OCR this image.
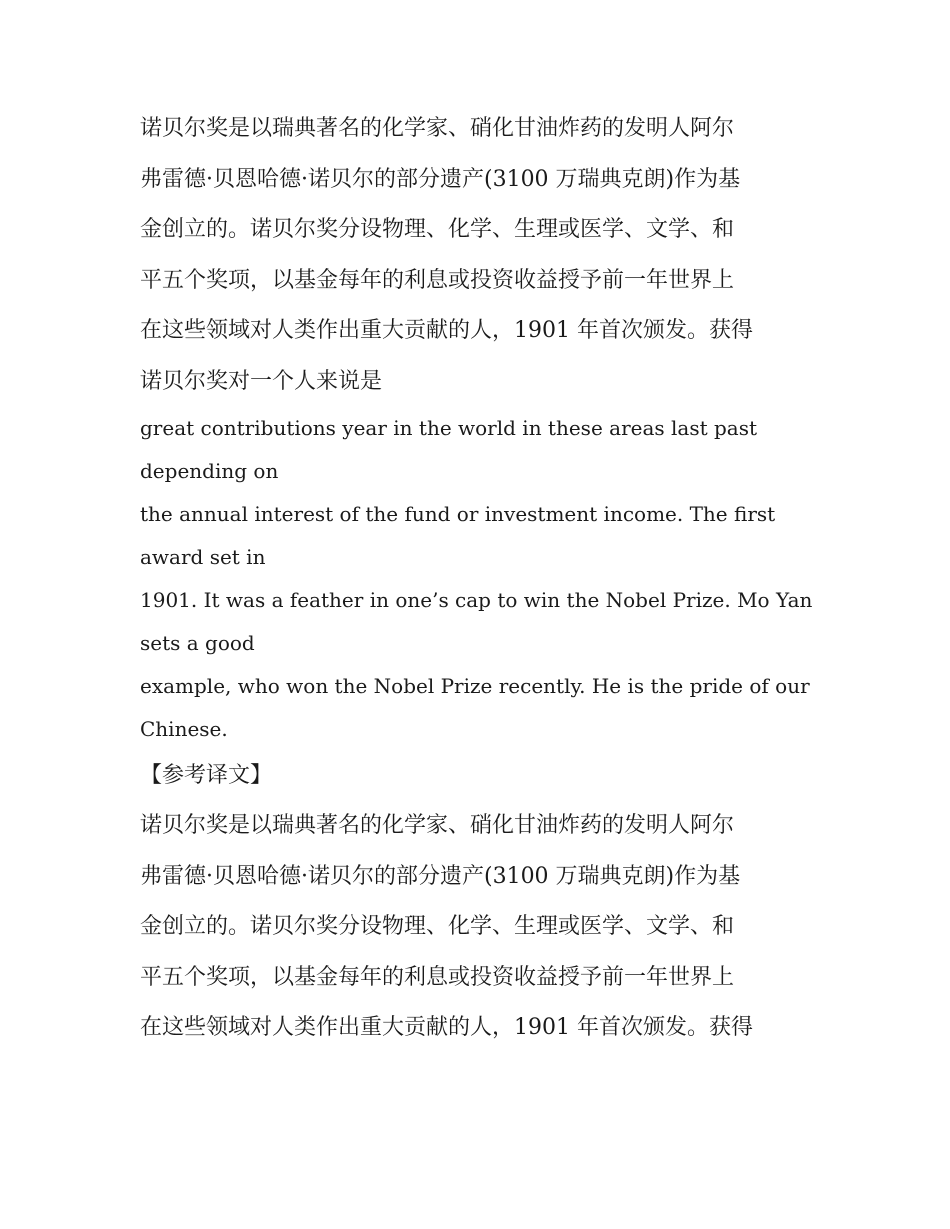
诺贝尔奖是以瑞典著名的化学家、硝化甘油炸药的发明人阿尔
弗雷德·贝恩哈德·诺贝尔的部分遗产(3100 万瑞典克朗)作为基
金创立的。诺贝尔奖分设物理、化学、生理或医学、文学、和
平五个奖项，以基金每年的利息或投资收益授予前一年世界上
在这些领域对人类作出重大贡献的人，1901 年首次颁发。获得
诺贝尔奖对一个人来说是
great contributions year in the world in these areas last past
depending on
the annual interest of the fund or investment income. The first
award set in
1901. It was a feather in one’s cap to win the Nobel Prize. Mo Yan
sets a good
example, who won the Nobel Prize recently. He is the pride of our
Chinese.
【参考译文】
诺贝尔奖是以瑞典著名的化学家、硝化甘油炸药的发明人阿尔
弗雷德·贝恩哈德·诺贝尔的部分遗产(3100 万瑞典克朗)作为基
金创立的。诺贝尔奖分设物理、化学、生理或医学、文学、和
平五个奖项，以基金每年的利息或投资收益授予前一年世界上
在这些领域对人类作出重大贡献的人，1901 年首次颁发。获得
